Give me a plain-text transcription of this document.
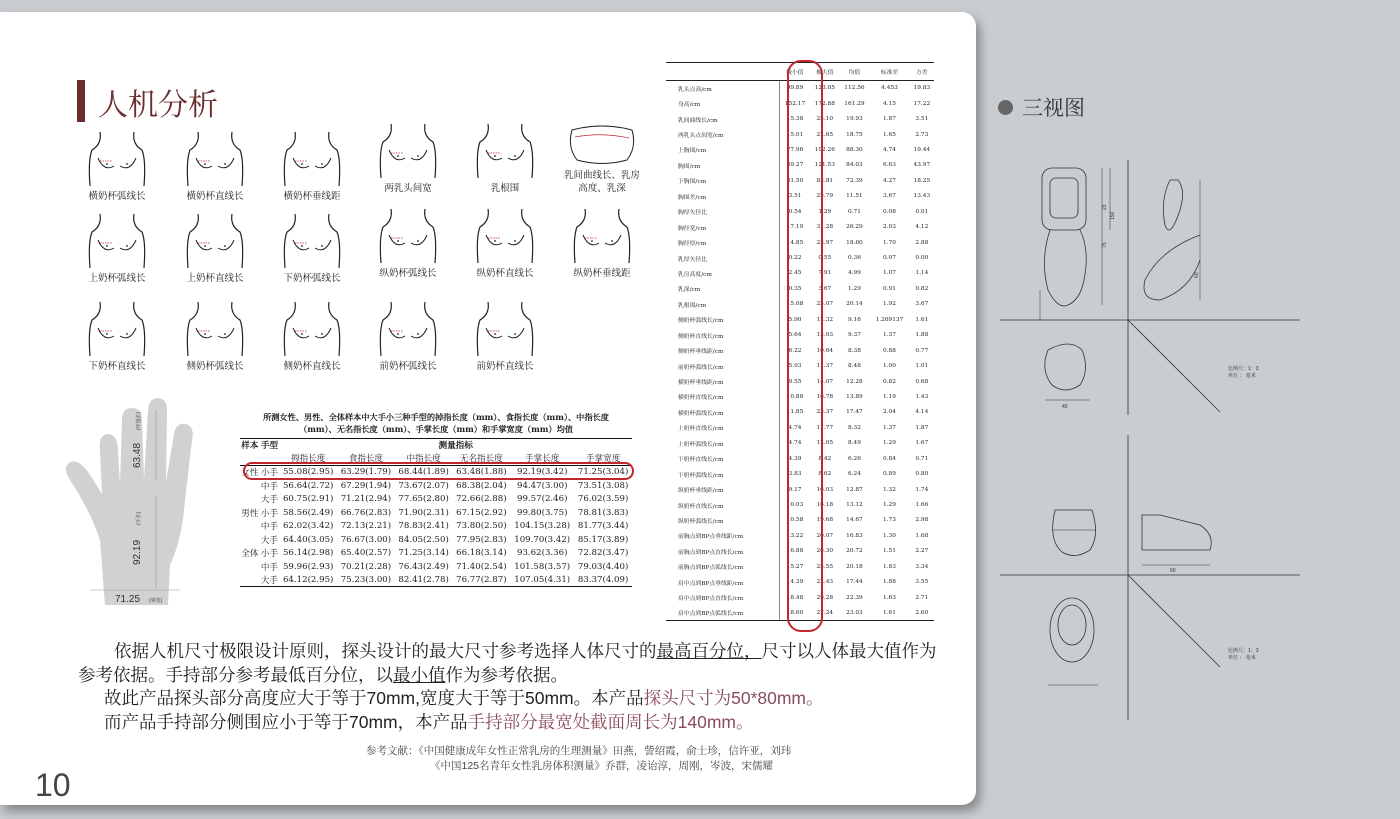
人机分析
横奶杯弧线长	横奶杯直线长	横奶杯垂线距
两乳头间宽	乳根围
乳间曲线长、乳房高度、乳深
上奶杯弧线长	上奶杯直线长	下奶杯弧线长	纵奶杯弧线长	纵奶杯直线长	纵奶杯垂线距
下奶杯直线长	侧奶杯弧线长	侧奶杯直线长	前奶杯弧线长	前奶杯直线长
63.48
(中指长)
92.19
(手长)
71.25 (掌宽)
所测女性、男性、全体样本中大手小三种手型的掉指长度（mm）、食指长度（mm）、中指长度
（mm）、无名指长度（mm）、手掌长度（mm）和手掌宽度（mm）均值
样本	手型	测量指标					
		拇指长度	食指长度	中指长度	无名指长度	手掌长度	手掌宽度
女性	小手	55.08(2.95)	63.29(1.79)	68.44(1.89)	63.48(1.88)	92.19(3.42)	71.25(3.04)
	中手	56.64(2.72)	67.29(1.94)	73.67(2.07)	68.38(2.04)	94.47(3.00)	73.51(3.08)
	大手	60.75(2.91)	71.21(2.94)	77.65(2.80)	72.66(2.88)	99.57(2.46)	76.02(3.59)
男性	小手	58.56(2.49)	66.76(2.83)	71.90(2.31)	67.15(2.92)	99.80(3.75)	78.81(3.83)
	中手	62.02(3.42)	72.13(2.21)	78.83(2.41)	73.80(2.50)	104.15(3.28)	81.77(3.44)
	大手	64.40(3.05)	76.67(3.00)	84.05(2.50)	77.95(2.83)	109.70(3.42)	85.17(3.89)
全体	小手	56.14(2.98)	65.40(2.57)	71.25(3.14)	66.18(3.14)	93.62(3.36)	72.82(3.47)
	中手	59.96(2.93)	70.21(2.28)	76.43(2.49)	71.40(2.54)	101.58(3.57)	79.03(4.40)
	大手	64.12(2.95)	75.23(3.00)	82.41(2.78)	76.77(2.87)	107.05(4.31)	83.37(4.09)
	极小值	极大值	均值	标准差	方差
乳头点高/cm	99.89	123.05	112.56	4.453	19.83
身高/cm	152.17	172.88	161.29	4.15	17.22
乳间曲线长/cm	15.38	25.10	19.93	1.87	3.51
两乳头点间宽/cm	15.01	22.65	18.75	1.65	2.73
上胸围/cm	77.96	102.26	88.30	4.74	19.44
胸围/cm	69.27	121.53	84.03	6.63	43.97
下胸围/cm	61.50	83.81	72.39	4.27	18.25
胸围差/cm	3.51	25.79	11.51	3.67	13.43
胸厚矢径比	0.54	1.29	0.71	0.08	0.01
胸径宽/cm	17.19	31.28	26.29	2.03	4.12
胸径厚/cm	14.85	23.97	18.60	1.70	2.88
乳厚矢径比	0.22	0.55	0.36	0.07	0.00
乳房高度/cm	2.45	7.91	4.99	1.07	1.14
乳深/cm	0.35	3.67	1.29	0.91	0.82
乳根围/cm	15.08	25.07	20.14	1.92	3.67
侧奶杯弧线长/cm	5.90	12.32	9.16	1.269137	1.61
侧奶杯直线长/cm	5.64	13.03	9.37	1.37	1.88
侧奶杯垂线距/cm	6.22	10.64	8.38	0.88	0.77
前奶杯弧线长/cm	5.93	11.37	8.48	1.00	1.01
横奶杯垂线距/cm	9.55	14.07	12.28	0.82	0.68
横奶杯直线长/cm	10.88	16.78	13.89	1.19	1.43
横奶杯弧线长/cm	11.85	23.37	17.47	2.04	4.14
上奶杯直线长/cm	4.74	11.77	8.32	1.37	1.87
上奶杯弧线长/cm	4.74	12.05	8.49	1.29	1.67
下奶杯直线长/cm	4.39	8.42	6.26	0.84	0.71
下奶杯弧线长/cm	3.83	8.62	6.24	0.89	0.80
纵奶杯垂线距/cm	9.17	16.03	12.87	1.32	1.74
纵奶杯直线长/cm	10.03	16.18	13.12	1.29	1.66
纵奶杯弧线长/cm	10.58	19.68	14.67	1.73	2.98
前胸点到BP点垂线距/cm	13.22	20.07	16.83	1.30	1.68
前胸点到BP点直线长/cm	16.88	26.30	20.72	1.51	2.27
前胸点到BP点弧线长/cm	15.27	25.55	20.18	1.83	3.34
肩中点到BP点垂线距/cm	14.39	22.43	17.44	1.88	3.55
肩中点到BP点直线长/cm	18.48	29.28	22.39	1.63	2.71
肩中点到BP点弧线长/cm	18.60	27.24	23.03	1.61	2.60
依据人机尺寸极限设计原则，探头设计的最大尺寸参考选择人体尺寸的最高百分位，尺寸以人体最大值作为参考依据。手持部分参考最低百分位，以最小值作为参考依据。
故此产品探头部分高度应大于等于70mm,宽度大于等于50mm。本产品探头尺寸为50*80mm。
而产品手持部分侧围应小于等于70mm，本产品手持部分最宽处截面周长为140mm。
参考文献：《中国健康成年女性正常乳房的生理测量》田燕，訾绍霞，俞士珍，信许亚，刘玮
《中国125名青年女性乳房体积测量》乔群，凌诒淳，周刚，岑波，宋儒耀
10
三视图
23
75
150
60
45
60
比例尺：1：3
单位 ： 毫米
比例尺：1：3
单位 ： 毫米
